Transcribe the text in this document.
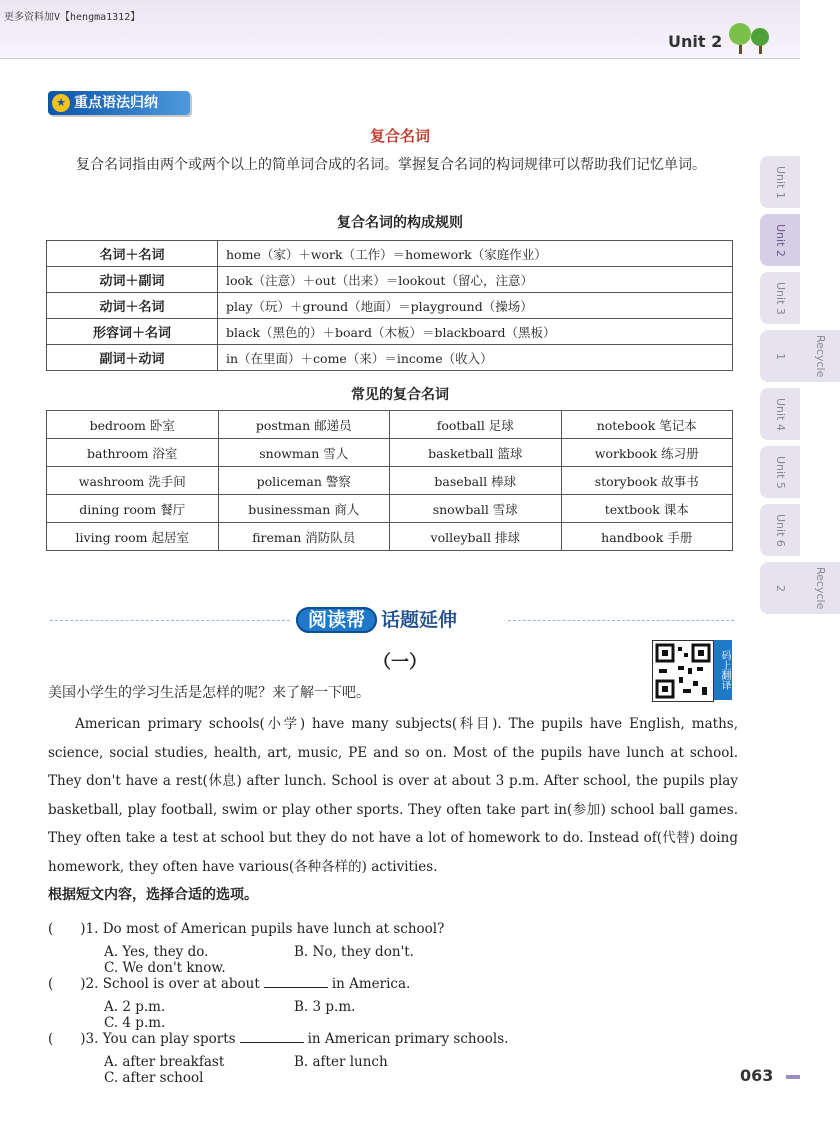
更多资料加V【hengma1312】
Unit 2
★ 重点语法归纳
复合名词

复合名词指由两个或两个以上的简单词合成的名词。掌握复合名词的构词规律可以帮助我们记忆单词。

复合名词的构成规则
名词＋名词	home（家）＋work（工作）＝homework（家庭作业）
动词＋副词	look（注意）＋out（出来）＝lookout（留心，注意）
动词＋名词	play（玩）＋ground（地面）＝playground（操场）
形容词＋名词	black（黑色的）＋board（木板）＝blackboard（黑板）
副词＋动词	in（在里面）＋come（来）＝income（收入）
常见的复合名词
bedroom 卧室	postman 邮递员	football 足球	notebook 笔记本
bathroom 浴室	snowman 雪人	basketball 篮球	workbook 练习册
washroom 洗手间	policeman 警察	baseball 棒球	storybook 故事书
dining room 餐厅	businessman 商人	snowball 雪球	textbook 课本
living room 起居室	fireman 消防队员	volleyball 排球	handbook 手册
阅读帮 话题延伸
（一）	码上翻译
美国小学生的学习生活是怎样的呢？来了解一下吧。

American primary schools(小学) have many subjects(科目). The pupils have English, maths, science, social studies, health, art, music, PE and so on. Most of the pupils have lunch at school. They don't have a rest(休息) after lunch. School is over at about 3 p.m. After school, the pupils play basketball, play football, swim or play other sports. They often take part in(参加) school ball games. They often take a test at school but they do not have a lot of homework to do. Instead of(代替) doing homework, they often have various(各种各样的) activities.

根据短文内容，选择合适的选项。
(　　)1. Do most of American pupils have lunch at school?
A. Yes, they do.	B. No, they don't.C. We don't know.
(　　)2. School is over at about	in America.
A. 2 p.m.	B. 3 p.m.C. 4 p.m.
(　　)3. You can play sports	in American primary schools.
A. after breakfast	B. after lunchC. after school
Unit 1
Unit 2
Unit 3
Recycle 1
Unit 4
Unit 5
Unit 6
Recycle 2
063
